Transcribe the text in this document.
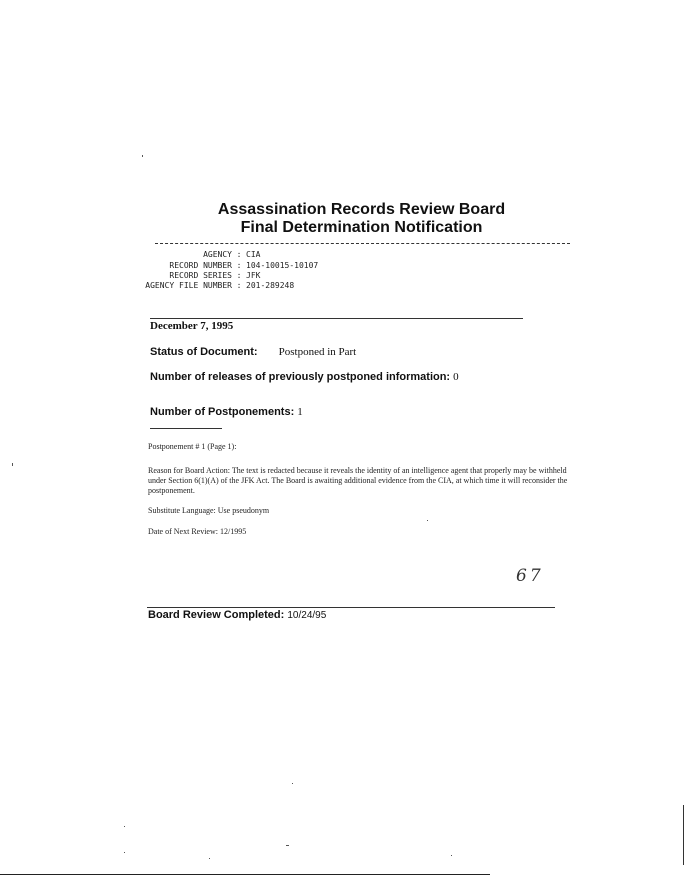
Assassination Records Review Board
Final Determination Notification
AGENCY : CIA
RECORD NUMBER : 104-10015-10107
RECORD SERIES : JFK
AGENCY FILE NUMBER : 201-289248
December 7, 1995
Status of Document: Postponed in Part
Number of releases of previously postponed information: 0
Number of Postponements: 1
Postponement # 1 (Page 1):
Reason for Board Action: The text is redacted because it reveals the identity of an intelligence agent that properly may be withheld under Section 6(1)(A) of the JFK Act. The Board is awaiting additional evidence from the CIA, at which time it will reconsider the postponement.
Substitute Language: Use pseudonym
Date of Next Review: 12/1995
67
Board Review Completed: 10/24/95
